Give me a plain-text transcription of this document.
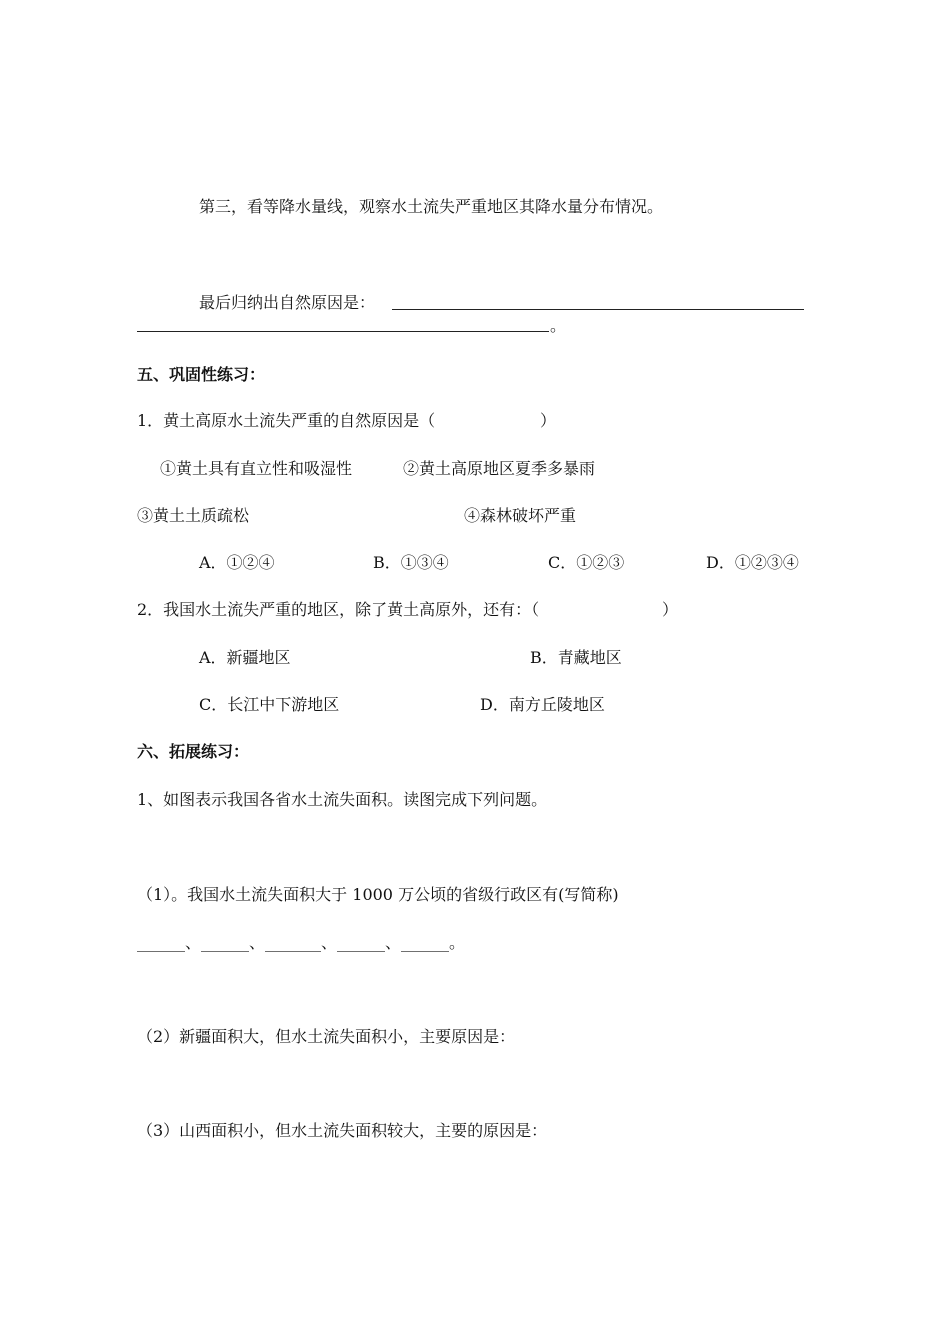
第三，看等降水量线，观察水土流失严重地区其降水量分布情况。
最后归纳出自然原因是：
。
五、巩固性练习：
1．黄土高原水土流失严重的自然原因是（	）
①黄土具有直立性和吸湿性	②黄土高原地区夏季多暴雨
③黄土土质疏松	④森林破坏严重
A．①②④	B．①③④	C．①②③	D．①②③④
2．我国水土流失严重的地区，除了黄土高原外，还有：（	）
A．新疆地区	B．青藏地区
C．长江中下游地区	D．南方丘陵地区
六、拓展练习：
1、如图表示我国各省水土流失面积。读图完成下列问题。
（1）。我国水土流失面积大于 1000 万公顷的省级行政区有(写简称)
______、______、_______、______、______。
（2）新疆面积大，但水土流失面积小，主要原因是：
（3）山西面积小，但水土流失面积较大，主要的原因是：
